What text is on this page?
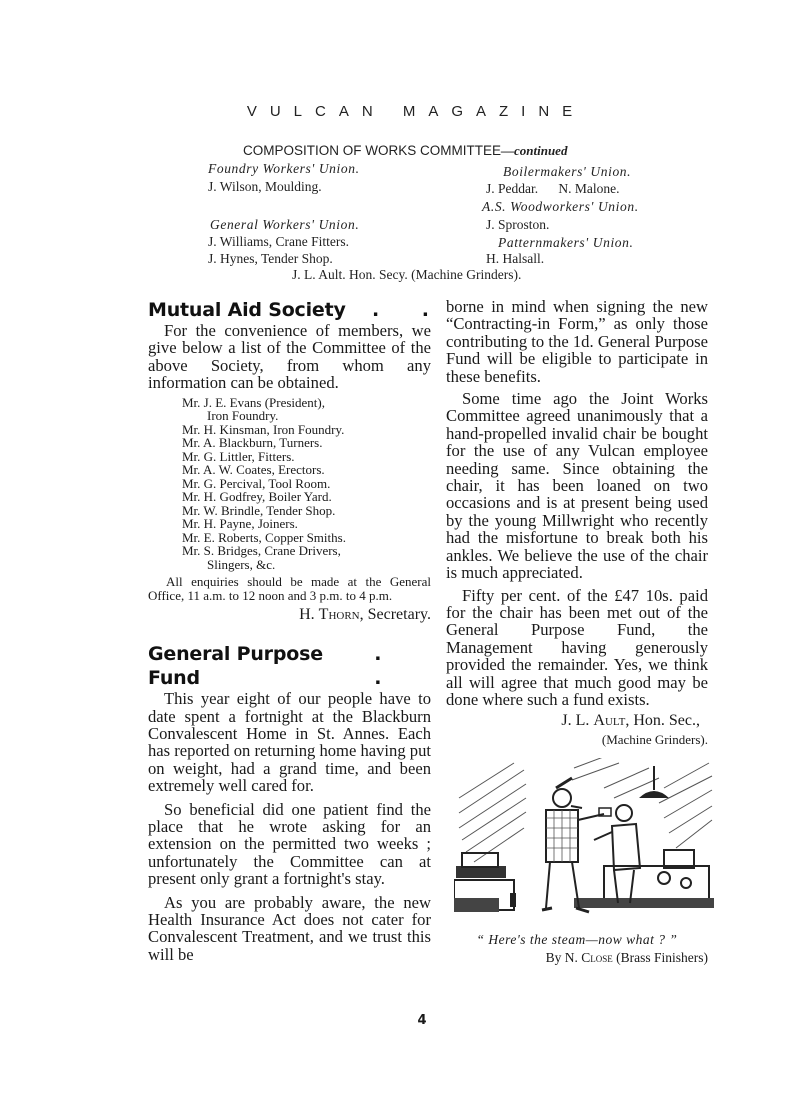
VULCAN MAGAZINE
COMPOSITION OF WORKS COMMITTEE—continued
Foundry Workers' Union.
J. Wilson, Moulding.
General Workers' Union.
J. Williams, Crane Fitters.
J. Hynes, Tender Shop.
Boilermakers' Union.
J. Peddar.      N. Malone.
A.S. Woodworkers' Union.
J. Sproston.
Patternmakers' Union.
H. Halsall.
J. L. Ault. Hon. Secy. (Machine Grinders).
Mutual Aid Society . .

For the convenience of members, we give below a list of the Committee of the above Society, from whom any information can be obtained.

Mr. J. E. Evans (President),
Iron Foundry.
Mr. H. Kinsman, Iron Foundry.
Mr. A. Blackburn, Turners.
Mr. G. Littler, Fitters.
Mr. A. W. Coates, Erectors.
Mr. G. Percival, Tool Room.
Mr. H. Godfrey, Boiler Yard.
Mr. W. Brindle, Tender Shop.
Mr. H. Payne, Joiners.
Mr. E. Roberts, Copper Smiths.
Mr. S. Bridges, Crane Drivers,
Slingers, &c.

All enquiries should be made at the General Office, 11 a.m. to 12 noon and 3 p.m. to 4 p.m.

H. Thorn, Secretary.

General Purpose Fund
. .

This year eight of our people have to date spent a fortnight at the Blackburn Convalescent Home in St. Annes. Each has reported on returning home having put on weight, had a grand time, and been extremely well cared for.

So beneficial did one patient find the place that he wrote asking for an extension on the permitted two weeks ; unfortunately the Committee can at present only grant a fortnight's stay.

As you are probably aware, the new Health Insurance Act does not cater for Convalescent Treatment, and we trust this will be

borne in mind when signing the new “Contracting-in Form,” as only those contributing to the 1d. General Purpose Fund will be eligible to participate in these benefits.

Some time ago the Joint Works Committee agreed unanimously that a hand-propelled invalid chair be bought for the use of any Vulcan employee needing same. Since obtaining the chair, it has been loaned on two occasions and is at present being used by the young Millwright who recently had the misfortune to break both his ankles. We believe the use of the chair is much appreciated.

Fifty per cent. of the £47 10s. paid for the chair has been met out of the General Purpose Fund, the Management having generously provided the remainder. Yes, we think all will agree that much good may be done where such a fund exists.

J. L. Ault, Hon. Sec.,

(Machine Grinders).

“ Here's the steam—now what ? ”
By N. Close (Brass Finishers)
4
